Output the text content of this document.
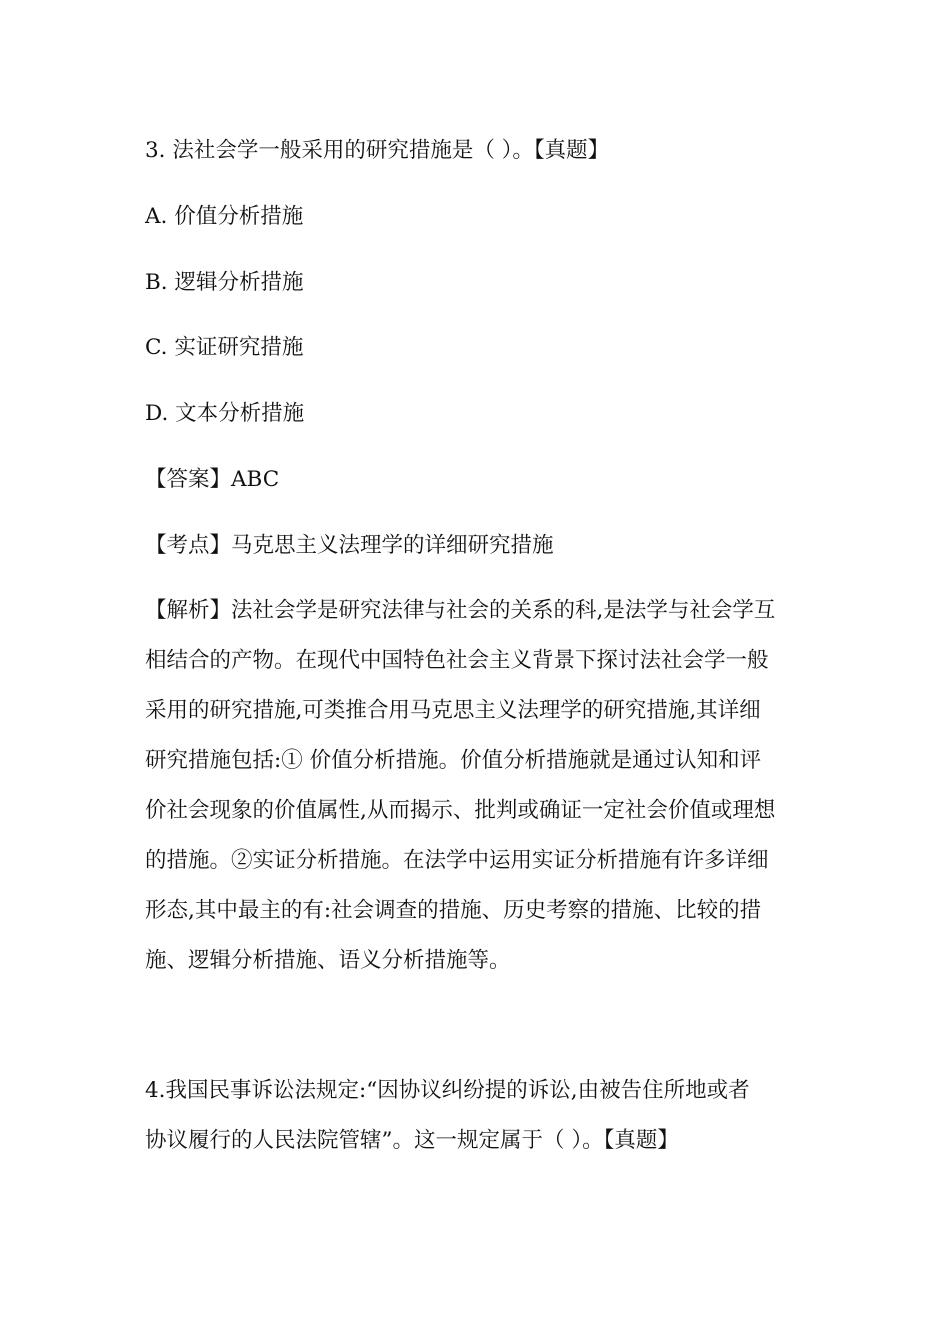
3. 法社会学一般采用的研究措施是（ ）。【真题】
A. 价值分析措施
B. 逻辑分析措施
C. 实证研究措施
D. 文本分析措施
【答案】ABC
【考点】马克思主义法理学的详细研究措施
【解析】法社会学是研究法律与社会的关系的科,是法学与社会学互
相结合的产物。在现代中国特色社会主义背景下探讨法社会学一般
采用的研究措施,可类推合用马克思主义法理学的研究措施,其详细
研究措施包括:① 价值分析措施。价值分析措施就是通过认知和评
价社会现象的价值属性,从而揭示、批判或确证一定社会价值或理想
的措施。②实证分析措施。在法学中运用实证分析措施有许多详细
形态,其中最主的有:社会调查的措施、历史考察的措施、比较的措
施、逻辑分析措施、语义分析措施等。
4.我国民事诉讼法规定:“因协议纠纷提的诉讼,由被告住所地或者
协议履行的人民法院管辖”。这一规定属于（ ）。【真题】
